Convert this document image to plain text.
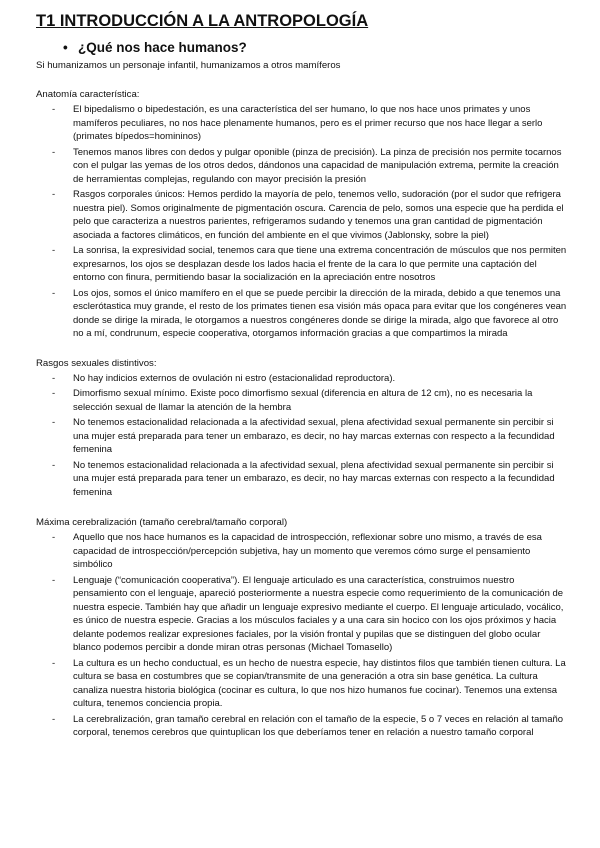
T1 INTRODUCCIÓN A LA ANTROPOLOGÍA
• ¿Qué nos hace humanos?

Si humanizamos un personaje infantil, humanizamos a otros mamíferos

Anatomía característica:

- El bipedalismo o bipedestación, es una característica del ser humano, lo que nos hace unos primates y unos mamíferos peculiares, no nos hace plenamente humanos, pero es el primer recurso que nos hace llegar a serlo (primates bípedos=homininos)
- Tenemos manos libres con dedos y pulgar oponible (pinza de precisión). La pinza de precisión nos permite tocarnos con el pulgar las yemas de los otros dedos, dándonos una capacidad de manipulación extrema, permite la creación de herramientas complejas, regulando con mayor precisión la presión
- Rasgos corporales únicos: Hemos perdido la mayoría de pelo, tenemos vello, sudoración (por el sudor que refrigera nuestra piel). Somos originalmente de pigmentación oscura. Carencia de pelo, somos una especie que ha perdida el pelo que caracteriza a nuestros parientes, refrigeramos sudando y tenemos una gran cantidad de pigmentación asociada a factores climáticos, en función del ambiente en el que vivimos (Jablonsky, sobre la piel)
- La sonrisa, la expresividad social, tenemos cara que tiene una extrema concentración de músculos que nos permiten expresarnos, los ojos se desplazan desde los lados hacia el frente de la cara lo que permite una captación del entorno con finura, permitiendo basar la socialización en la apreciación entre nosotros
- Los ojos, somos el único mamífero en el que se puede percibir la dirección de la mirada, debido a que tenemos una esclerótastica muy grande, el resto de los primates tienen esa visión más opaca para evitar que los congéneres vean donde se dirige la mirada, le otorgamos a nuestros congéneres donde se dirige la mirada, algo que favorece al otro no a mí, condrunum, especie cooperativa, otorgamos información gracias a que compartimos la mirada

Rasgos sexuales distintivos:

- No hay indicios externos de ovulación ni estro (estacionalidad reproductora).
- Dimorfismo sexual mínimo. Existe poco dimorfismo sexual (diferencia en altura de 12 cm), no es necesaria la selección sexual de llamar la atención de la hembra
- No tenemos estacionalidad relacionada a la afectividad sexual, plena afectividad sexual permanente sin percibir si una mujer está preparada para tener un embarazo, es decir, no hay marcas externas con respecto a la fecundidad femenina
- No tenemos estacionalidad relacionada a la afectividad sexual, plena afectividad sexual permanente sin percibir si una mujer está preparada para tener un embarazo, es decir, no hay marcas externas con respecto a la fecundidad femenina

Máxima cerebralización (tamaño cerebral/tamaño corporal)

- Aquello que nos hace humanos es la capacidad de introspección, reflexionar sobre uno mismo, a través de esa capacidad de introspección/percepción subjetiva, hay un momento que veremos cómo surge el pensamiento simbólico
- Lenguaje (“comunicación cooperativa”). El lenguaje articulado es una característica, construimos nuestro pensamiento con el lenguaje, apareció posteriormente a nuestra especie como requerimiento de la comunicación de nuestra especie. También hay que añadir un lenguaje expresivo mediante el cuerpo. El lenguaje articulado, vocálico, es único de nuestra especie. Gracias a los músculos faciales y a una cara sin hocico con los ojos próximos y hacia delante podemos realizar expresiones faciales, por la visión frontal y pupilas que se distinguen del globo ocular blanco podemos percibir a donde miran otras personas (Michael Tomasello)
- La cultura es un hecho conductual, es un hecho de nuestra especie, hay distintos filos que también tienen cultura. La cultura se basa en costumbres que se copian/transmite de una generación a otra sin base genética. La cultura canaliza nuestra historia biológica (cocinar es cultura, lo que nos hizo humanos fue cocinar). Tenemos una extensa cultura, tenemos conciencia propia.
- La cerebralización, gran tamaño cerebral en relación con el tamaño de la especie, 5 o 7 veces en relación al tamaño corporal, tenemos cerebros que quintuplican los que deberíamos tener en relación a nuestro tamaño corporal
